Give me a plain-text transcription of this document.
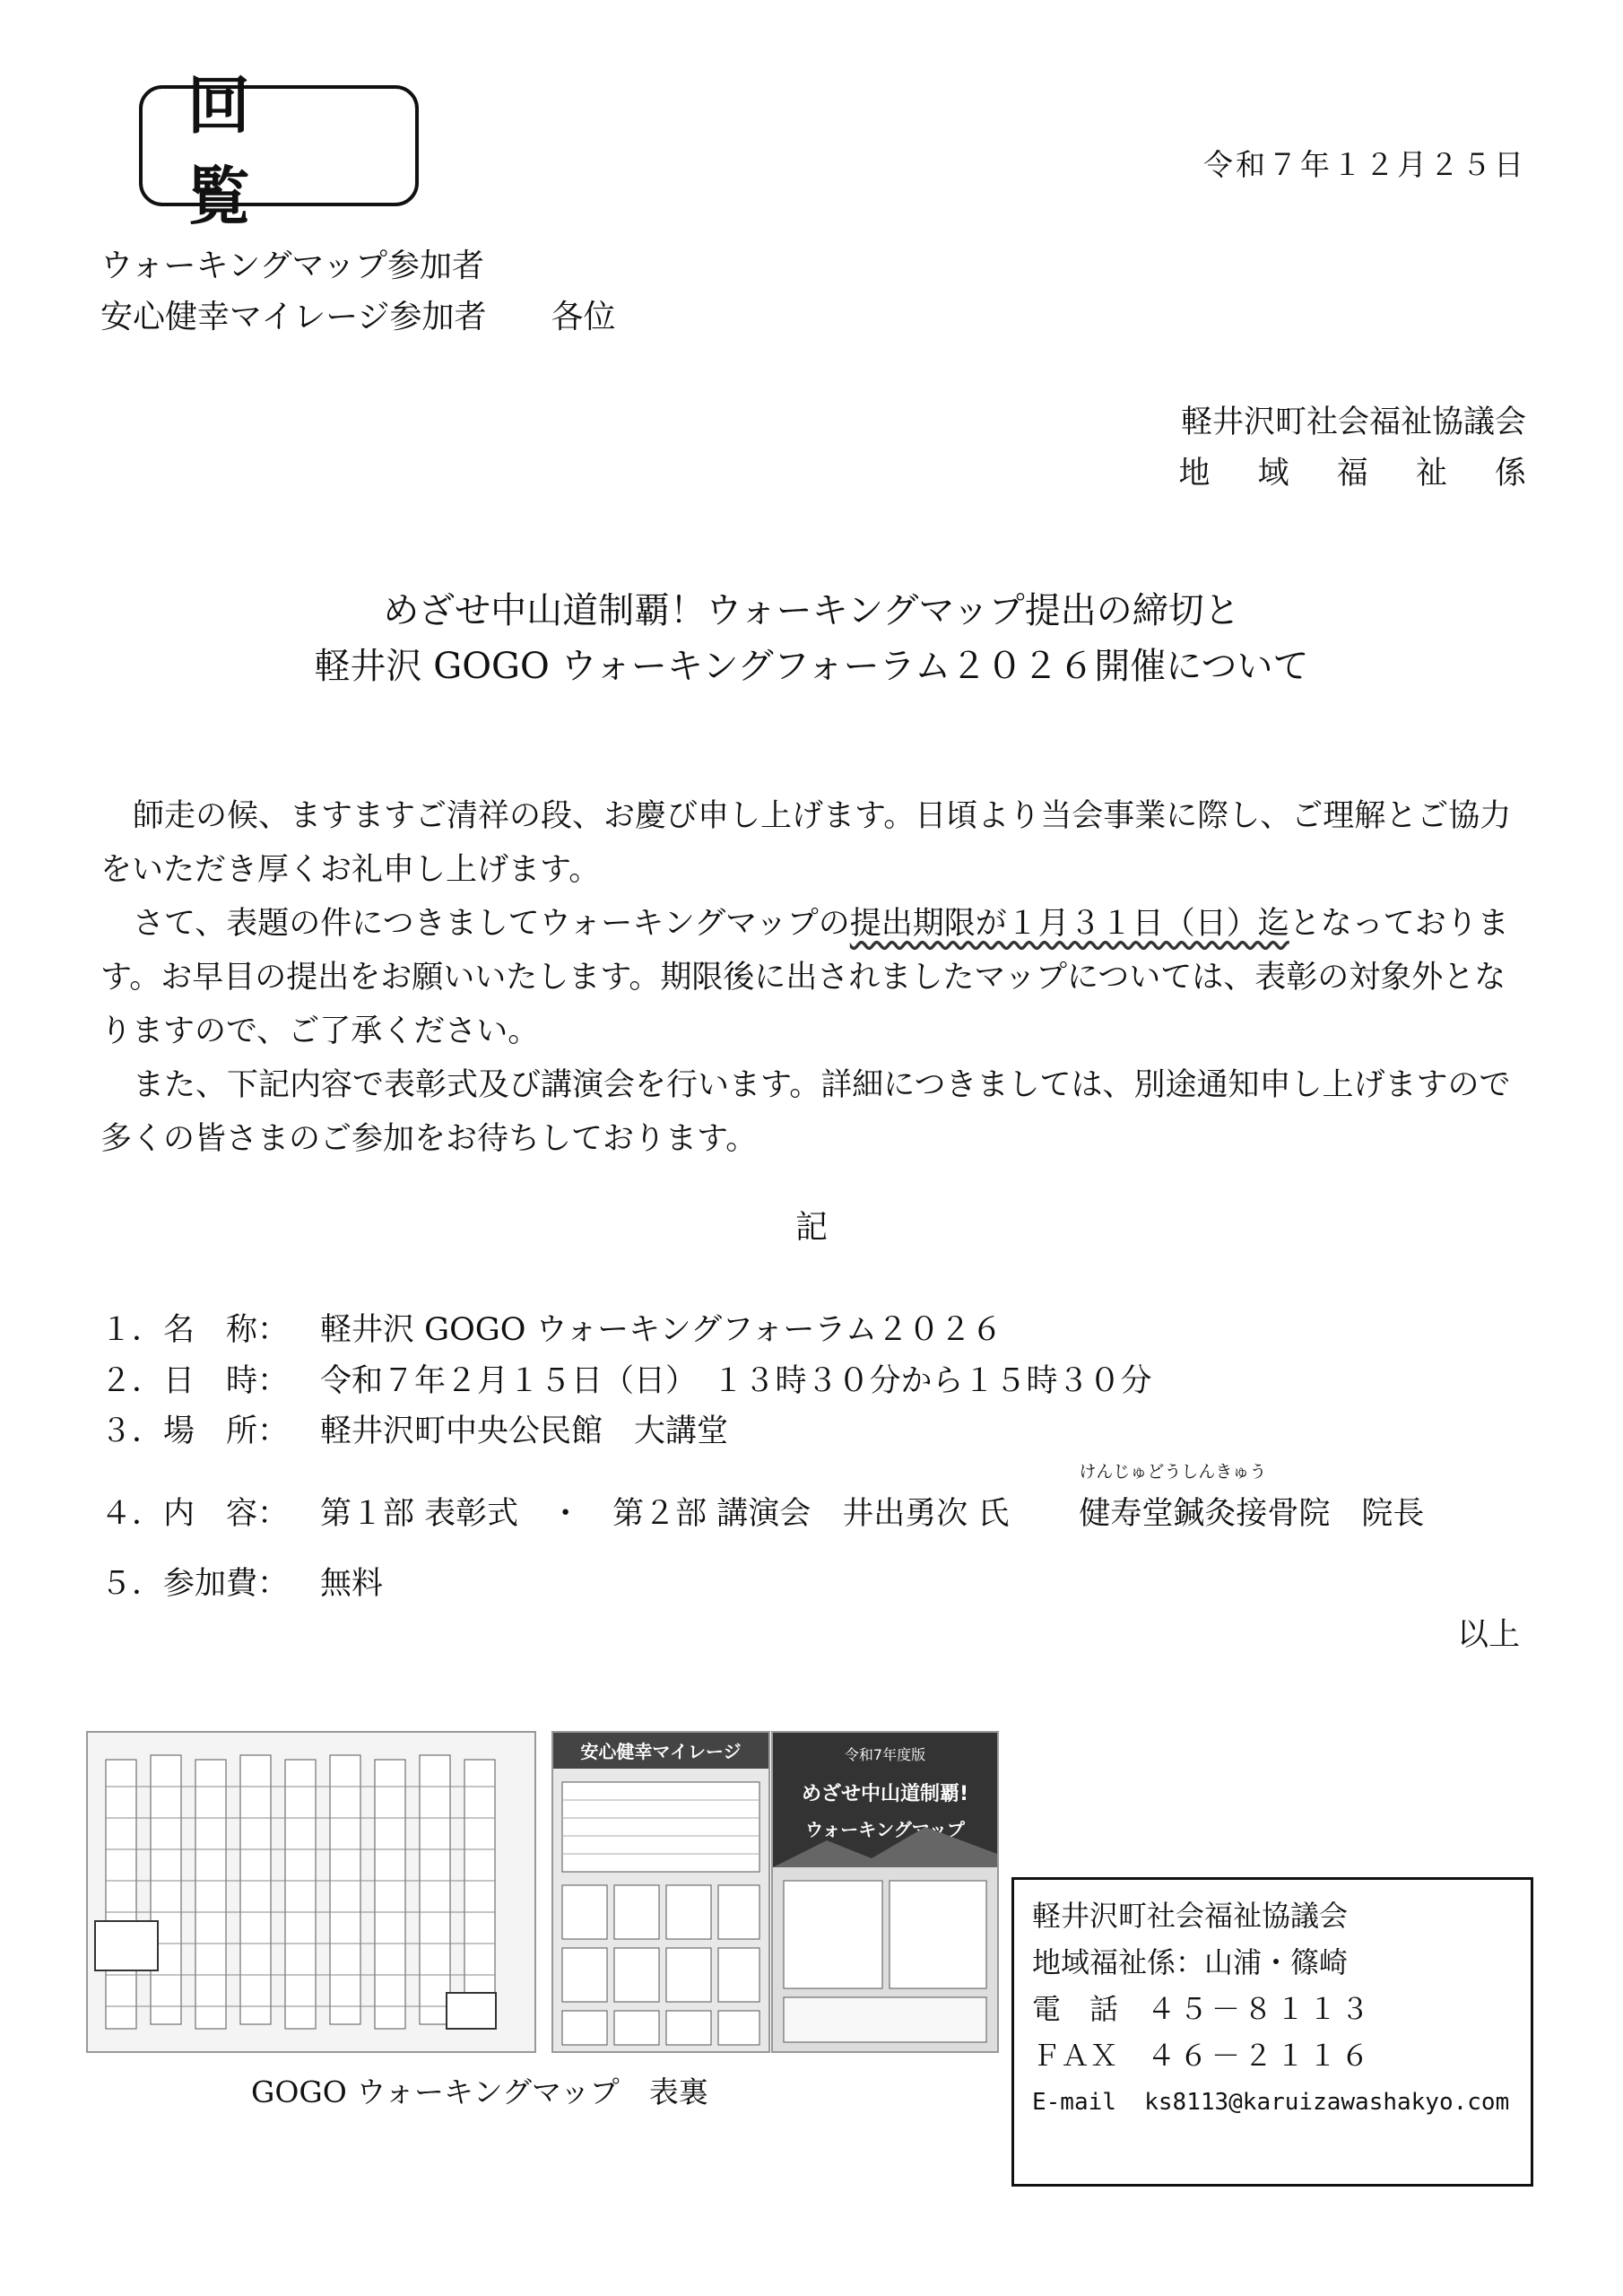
回 覧	令和７年１２月２５日
ウォーキングマップ参加者
安心健幸マイレージ参加者　　各位
軽井沢町社会福祉協議会
地 域 福 祉 係
めざせ中山道制覇！ウォーキングマップ提出の締切と
軽井沢 GOGO ウォーキングフォーラム２０２６開催について

師走の候、ますますご清祥の段、お慶び申し上げます。日頃より当会事業に際し、ご理解とご協力をいただき厚くお礼申し上げます。

さて、表題の件につきましてウォーキングマップの提出期限が１月３１日（日）迄となっております。お早目の提出をお願いいたします。期限後に出されましたマップについては、表彰の対象外となりますので、ご了承ください。

また、下記内容で表彰式及び講演会を行います。詳細につきましては、別途通知申し上げますので多くの皆さまのご参加をお待ちしております。

記
１．名　称： 軽井沢 GOGO ウォーキングフォーラム２０２６
２．日　時： 令和７年２月１５日（日）　１３時３０分から１５時３０分
３．場　所： 軽井沢町中央公民館　大講堂
４．内　容： 第１部 表彰式　・　第２部 講演会　井出勇次 氏
けんじゅどうしんきゅう
健寿堂鍼灸接骨院　院長
５．参加費： 無料
以上
安心健幸マイレージ	令和7年度版
めざせ中山道制覇!
ウォーキングマップ
GOGO ウォーキングマップ　表裏
軽井沢町社会福祉協議会
地域福祉係：山浦・篠崎
電　話　 ４５－８１１３
ＦＡＸ　 ４６－２１１６
E-mail ks8113@karuizawashakyo.com
